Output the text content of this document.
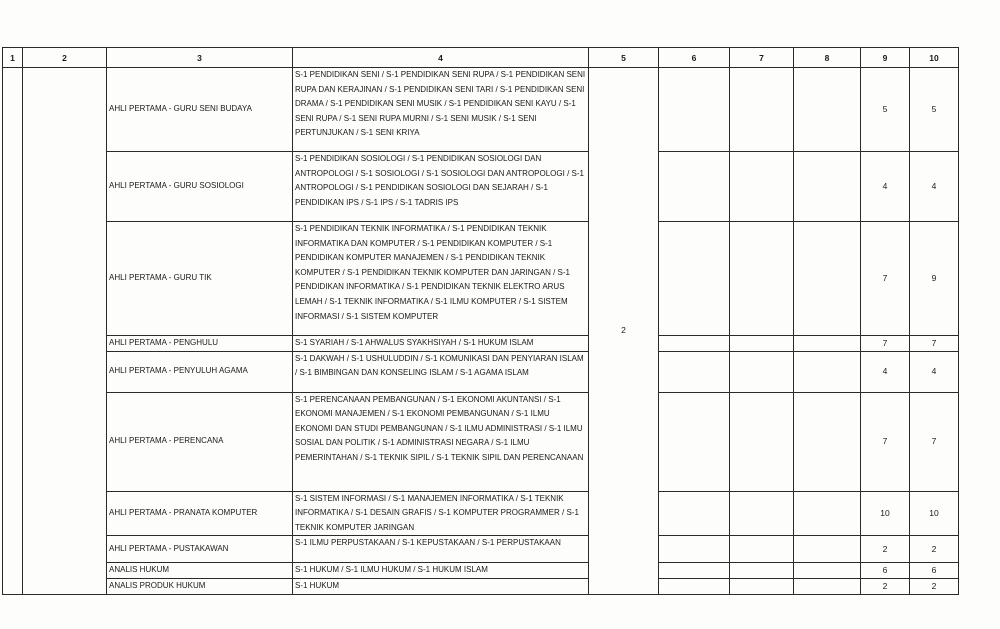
1	2	3	4	5	6	7	8	9	10
		AHLI PERTAMA - GURU SENI BUDAYA	S-1 PENDIDIKAN SENI / S-1 PENDIDIKAN SENI RUPA / S-1 PENDIDIKAN SENI RUPA DAN KERAJINAN / S-1 PENDIDIKAN SENI TARI / S-1 PENDIDIKAN SENI DRAMA / S-1 PENDIDIKAN SENI MUSIK / S-1 PENDIDIKAN SENI KAYU / S-1 SENI RUPA / S-1 SENI RUPA MURNI / S-1 SENI MUSIK / S-1 SENI PERTUNJUKAN / S-1 SENI KRIYA	2				5	5
		AHLI PERTAMA - GURU SOSIOLOGI	S-1 PENDIDIKAN SOSIOLOGI / S-1 PENDIDIKAN SOSIOLOGI DAN ANTROPOLOGI / S-1 SOSIOLOGI / S-1 SOSIOLOGI DAN ANTROPOLOGI / S-1 ANTROPOLOGI / S-1 PENDIDIKAN SOSIOLOGI DAN SEJARAH / S-1 PENDIDIKAN IPS / S-1 IPS / S-1 TADRIS IPS					4	4
		AHLI PERTAMA - GURU TIK	S-1 PENDIDIKAN TEKNIK INFORMATIKA / S-1 PENDIDIKAN TEKNIK INFORMATIKA DAN KOMPUTER / S-1 PENDIDIKAN KOMPUTER / S-1 PENDIDIKAN KOMPUTER MANAJEMEN / S-1 PENDIDIKAN TEKNIK KOMPUTER / S-1 PENDIDIKAN TEKNIK KOMPUTER DAN JARINGAN / S-1 PENDIDIKAN INFORMATIKA / S-1 PENDIDIKAN TEKNIK ELEKTRO ARUS LEMAH / S-1 TEKNIK INFORMATIKA / S-1 ILMU KOMPUTER / S-1 SISTEM INFORMASI / S-1 SISTEM KOMPUTER					7	9
		AHLI PERTAMA - PENGHULU	S-1 SYARIAH / S-1 AHWALUS SYAKHSIYAH / S-1 HUKUM ISLAM					7	7
		AHLI PERTAMA - PENYULUH AGAMA	S-1 DAKWAH / S-1 USHULUDDIN / S-1 KOMUNIKASI DAN PENYIARAN ISLAM / S-1 BIMBINGAN DAN KONSELING ISLAM / S-1 AGAMA ISLAM					4	4
		AHLI PERTAMA - PERENCANA	S-1 PERENCANAAN PEMBANGUNAN / S-1 EKONOMI AKUNTANSI / S-1 EKONOMI MANAJEMEN / S-1 EKONOMI PEMBANGUNAN / S-1 ILMU EKONOMI DAN STUDI PEMBANGUNAN / S-1 ILMU ADMINISTRASI / S-1 ILMU SOSIAL DAN POLITIK / S-1 ADMINISTRASI NEGARA / S-1 ILMU PEMERINTAHAN / S-1 TEKNIK SIPIL / S-1 TEKNIK SIPIL DAN PERENCANAAN					7	7
		AHLI PERTAMA - PRANATA KOMPUTER	S-1 SISTEM INFORMASI / S-1 MANAJEMEN INFORMATIKA / S-1 TEKNIK INFORMATIKA / S-1 DESAIN GRAFIS / S-1 KOMPUTER PROGRAMMER / S-1 TEKNIK KOMPUTER JARINGAN					10	10
		AHLI PERTAMA - PUSTAKAWAN	S-1 ILMU PERPUSTAKAAN / S-1 KEPUSTAKAAN / S-1 PERPUSTAKAAN					2	2
		ANALIS HUKUM	S-1 HUKUM / S-1 ILMU HUKUM / S-1 HUKUM ISLAM					6	6
		ANALIS PRODUK HUKUM	S-1 HUKUM					2	2
